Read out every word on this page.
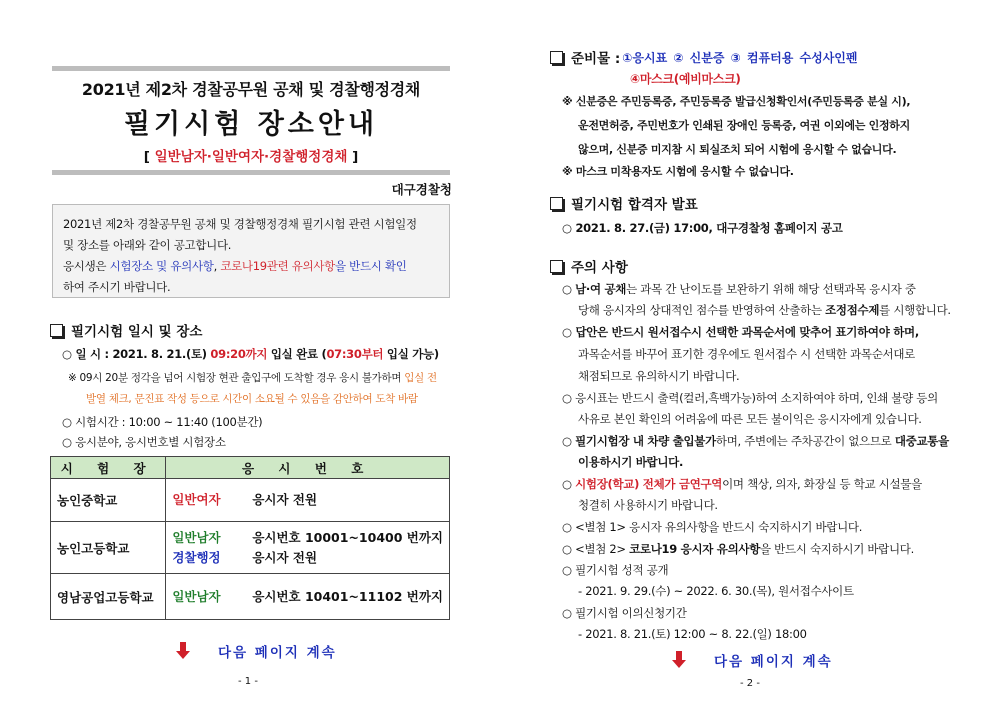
2021년 제2차 경찰공무원 공채 및 경찰행정경채
필기시험 장소안내
[ 일반남자·일반여자·경찰행정경채 ]
대구경찰청
2021년 제2차 경찰공무원 공채 및 경찰행정경채 필기시험 관련 시험일정
및 장소를 아래와 같이 공고합니다.
응시생은 시험장소 및 유의사항, 코로나19관련 유의사항을 반드시 확인
하여 주시기 바랍니다.
필기시험 일시 및 장소
○ 일 시 : 2021. 8. 21.(토) 09:20까지 입실 완료 (07:30부터 입실 가능)
※ 09시 20분 정각을 넘어 시험장 현관 출입구에 도착할 경우 응시 불가하며 입실 전
발열 체크, 문진표 작성 등으로 시간이 소요될 수 있음을 감안하여 도착 바람
○ 시험시간 : 10:00 ~ 11:40 (100분간)
○ 응시분야, 응시번호별 시험장소
시 험 장	응 시 번 호
농인중학교	일반여자 응시자 전원

농인고등학교	일반남자 응시번호 10001~10400 번까지
경찰행정 응시자 전원

영남공업고등학교	일반남자 응시번호 10401~11102 번까지
다음 페이지 계속
- 1 -
준비물 : ①응시표 ② 신분증 ③ 컴퓨터용 수성사인펜
④마스크(예비마스크)
※ 신분증은 주민등록증, 주민등록증 발급신청확인서(주민등록증 분실 시),
운전면허증, 주민번호가 인쇄된 장애인 등록증, 여권 이외에는 인정하지
않으며, 신분증 미지참 시 퇴실조치 되어 시험에 응시할 수 없습니다.
※ 마스크 미착용자도 시험에 응시할 수 없습니다.
필기시험 합격자 발표
○ 2021. 8. 27.(금) 17:00, 대구경찰청 홈페이지 공고
주의 사항
○ 남·여 공채는 과목 간 난이도를 보완하기 위해 해당 선택과목 응시자 중
당해 응시자의 상대적인 점수를 반영하여 산출하는 조정점수제를 시행합니다.
○ 답안은 반드시 원서접수시 선택한 과목순서에 맞추어 표기하여야 하며,
과목순서를 바꾸어 표기한 경우에도 원서접수 시 선택한 과목순서대로
채점되므로 유의하시기 바랍니다.
○ 응시표는 반드시 출력(컬러,흑백가능)하여 소지하여야 하며, 인쇄 불량 등의
사유로 본인 확인의 어려움에 따른 모든 불이익은 응시자에게 있습니다.
○ 필기시험장 내 차량 출입불가하며, 주변에는 주차공간이 없으므로 대중교통을
이용하시기 바랍니다.
○ 시험장(학교) 전체가 금연구역이며 책상, 의자, 화장실 등 학교 시설물을
청결히 사용하시기 바랍니다.
○ <별첨 1> 응시자 유의사항을 반드시 숙지하시기 바랍니다.
○ <별첨 2> 코로나19 응시자 유의사항을 반드시 숙지하시기 바랍니다.
○ 필기시험 성적 공개
- 2021. 9. 29.(수) ~ 2022. 6. 30.(목), 원서접수사이트
○ 필기시험 이의신청기간
- 2021. 8. 21.(토) 12:00 ~ 8. 22.(일) 18:00
다음 페이지 계속
- 2 -
